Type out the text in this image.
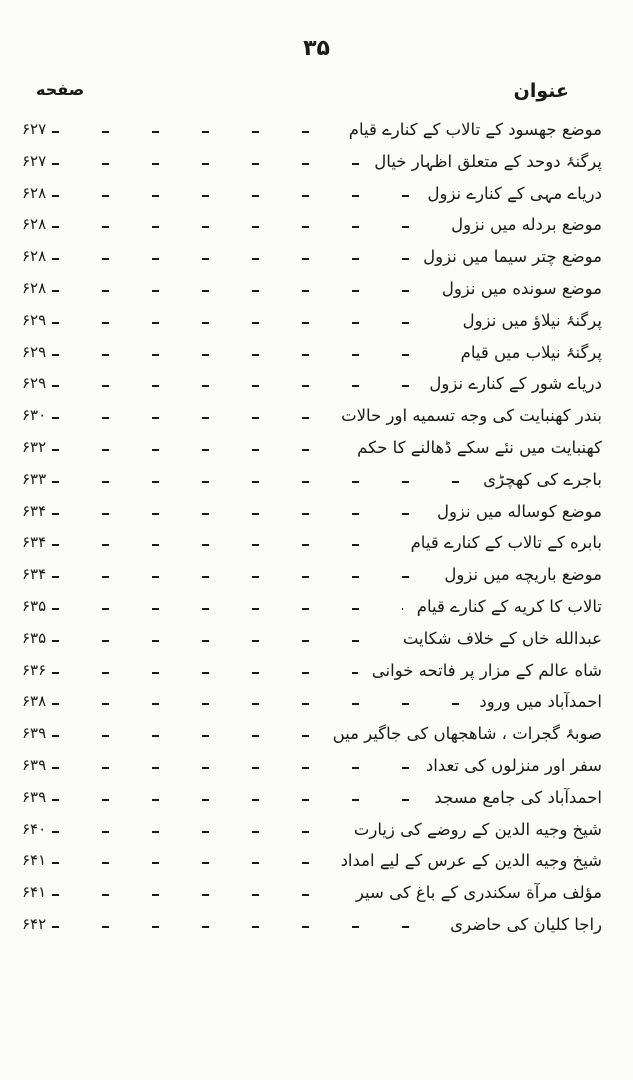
۳۵
عنوان
صفحه
موضع جهسود کے تالاب کے کنارے قیام
۶۲۷
پرگنۂ دوحد کے متعلق اظہار خیال
۶۲۷
دریاے مہی کے کنارے نزول
۶۲۸
موضع بردله میں نزول
۶۲۸
موضع چتر سیما میں نزول
۶۲۸
موضع سونده میں نزول
۶۲۸
پرگنۂ نیلاؤ میں نزول
۶۲۹
پرگنۂ نیلاب میں قیام
۶۲۹
دریاے شور کے کنارے نزول
۶۲۹
بندر کهنبایت کی وجه تسمیه اور حالات
۶۳۰
کهنبایت میں نئے سکے ڈھالنے کا حکم
۶۳۲
باجرے کی کھچڑی
۶۳۳
موضع کوساله میں نزول
۶۳۴
بابره کے تالاب کے کنارے قیام
۶۳۴
موضع باریچه میں نزول
۶۳۴
تالاب کا کریه کے کنارے قیام
۶۳۵
عبدالله خاں کے خلاف شکایت
۶۳۵
شاه عالم کے مزار پر فاتحه خوانی
۶۳۶
احمدآباد میں ورود
۶۳۸
صوبۂ گجرات ، شاهجهاں کی جاگیر میں
۶۳۹
سفر اور منزلوں کی تعداد
۶۳۹
احمدآباد کی جامع مسجد
۶۳۹
شیخ وجیه الدین کے روضے کی زیارت
۶۴۰
شیخ وجیه الدین کے عرس کے لیے امداد
۶۴۱
مؤلف مرآة سکندری کے باغ کی سیر
۶۴۱
راجا کلیان کی حاضری
۶۴۲
